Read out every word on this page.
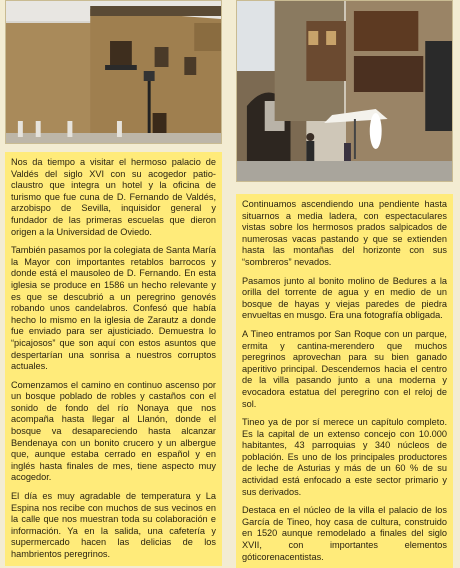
Nos da tiempo a visitar el hermoso palacio de Valdés del siglo XVI con su acogedor patio-claustro que integra un hotel y la oficina de turismo que fue cuna de D. Fernando de Valdés, arzobispo de Sevilla, inquisidor general y fundador de las primeras escuelas que dieron origen a la Universidad de Oviedo.

También pasamos por la colegiata de Santa María la Mayor con importantes retablos barrocos y donde está el mausoleo de D. Fernando. En esta iglesia se produce en 1586 un hecho relevante y es que se descubrió a un peregrino genovés robando unos candelabros. Confesó que había hecho lo mismo en la iglesia de Zarautz a donde fue enviado para ser ajusticiado. Demuestra lo “picajosos” que son aquí con estos asuntos que despertarían una sonrisa a nuestros corruptos actuales.

Comenzamos el camino en continuo ascenso por un bosque poblado de robles y castaños con el sonido de fondo del río Nonaya que nos acompaña hasta llegar al Llanón, donde el bosque va desapareciendo hasta alcanzar Bendenaya con un bonito crucero y un albergue que, aunque estaba cerrado en español y en inglés hasta finales de mes, tiene aspecto muy acogedor.

El día es muy agradable de temperatura y La Espina nos recibe con muchos de sus vecinos en la calle que nos muestran toda su colaboración e información. Ya en la salida, una cafetería y supermercado hacen las delicias de los hambrientos peregrinos.

Continuamos ascendiendo una pendiente hasta situarnos a media ladera, con espectaculares vistas sobre los hermosos prados salpicados de numerosas vacas pastando y que se extienden hasta las montañas del horizonte con sus “sombreros” nevados.

Pasamos junto al bonito molino de Bedures a la orilla del torrente de agua y en medio de un bosque de hayas y viejas paredes de piedra envueltas en musgo. Era una fotografía obligada.

A Tineo entramos por San Roque con un parque, ermita y cantina-merendero que muchos peregrinos aprovechan para su bien ganado aperitivo principal. Descendemos hacia el centro de la villa pasando junto a una moderna y evocadora estatua del peregrino con el reloj de sol.

Tineo ya de por sí merece un capítulo completo. Es la capital de un extenso concejo con 10.000 habitantes, 43 parroquias y 340 núcleos de población. Es uno de los principales productores de leche de Asturias y más de un 60 % de su actividad está enfocado a este sector primario y sus derivados.

Destaca en el núcleo de la villa el palacio de los García de Tineo, hoy casa de cultura, construido en 1520 aunque remodelado a finales del siglo XVII, con importantes elementos góticorenacentistas.
